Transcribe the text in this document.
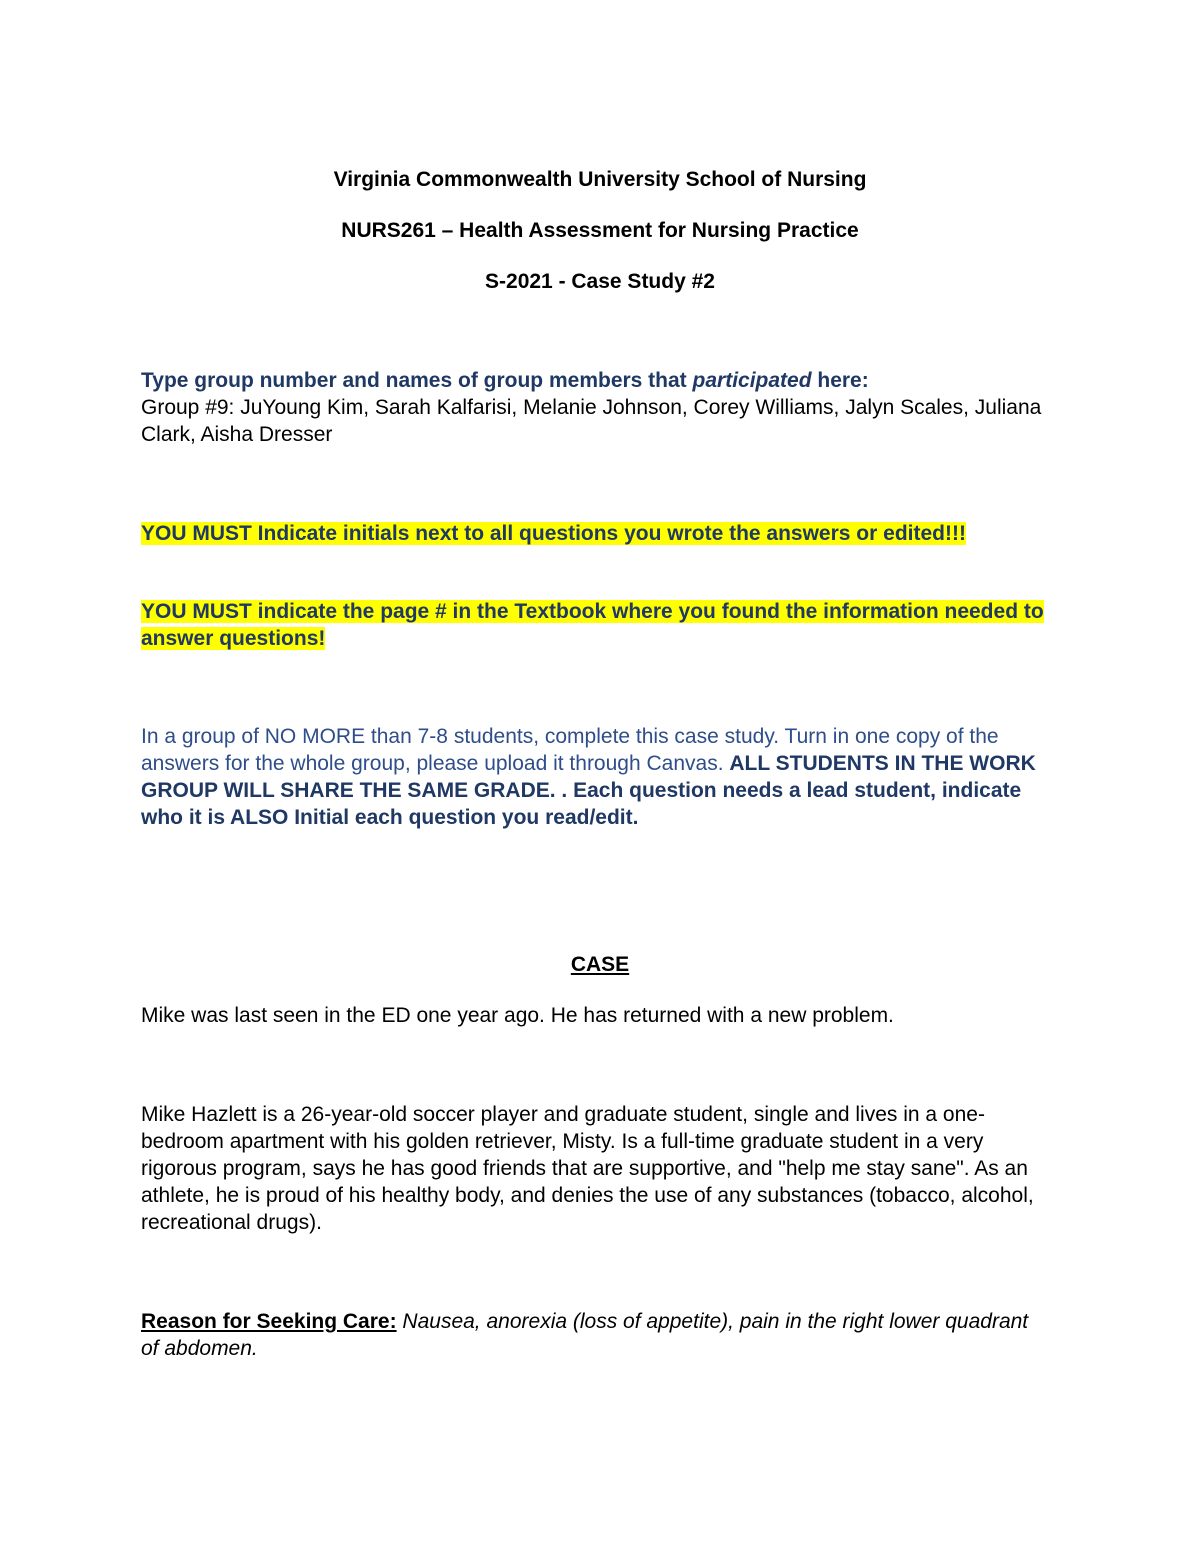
Virginia Commonwealth University School of Nursing
NURS261 – Health Assessment for Nursing Practice
S-2021 - Case Study #2

Type group number and names of group members that participated here:

Group #9: JuYoung Kim, Sarah Kalfarisi, Melanie Johnson, Corey Williams, Jalyn Scales, Juliana Clark, Aisha Dresser

YOU MUST Indicate initials next to all questions you wrote the answers or edited!!!

YOU MUST indicate the page # in the Textbook where you found the information needed to answer questions!

In a group of NO MORE than 7-8 students, complete this case study. Turn in one copy of the answers for the whole group, please upload it through Canvas. ALL STUDENTS IN THE WORK GROUP WILL SHARE THE SAME GRADE. . Each question needs a lead student, indicate who it is ALSO Initial each question you read/edit.

CASE

Mike was last seen in the ED one year ago. He has returned with a new problem.

Mike Hazlett is a 26-year-old soccer player and graduate student, single and lives in a one-bedroom apartment with his golden retriever, Misty. Is a full-time graduate student in a very rigorous program, says he has good friends that are supportive, and "help me stay sane". As an athlete, he is proud of his healthy body, and denies the use of any substances (tobacco, alcohol, recreational drugs).

Reason for Seeking Care: Nausea, anorexia (loss of appetite), pain in the right lower quadrant of abdomen.
